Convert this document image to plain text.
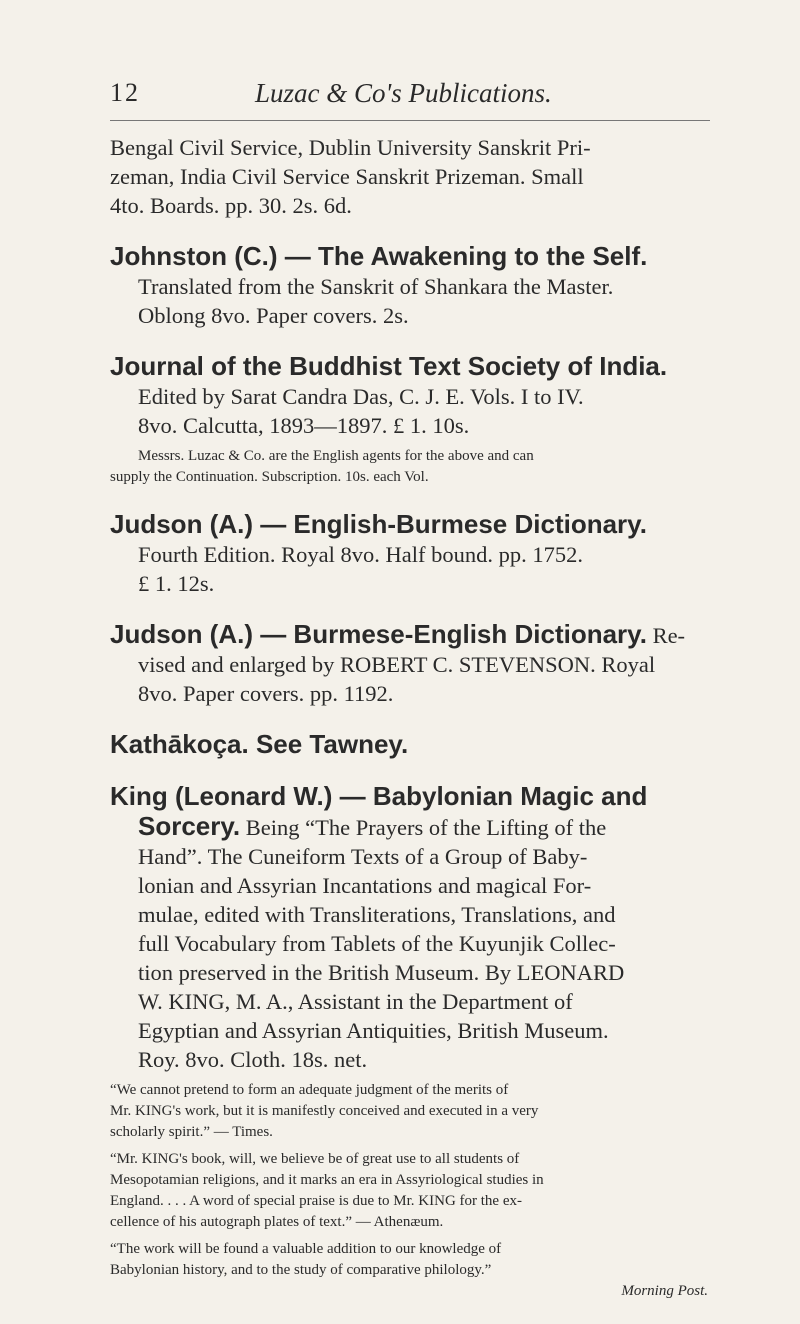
12	Luzac & Co's Publications.
Bengal Civil Service, Dublin University Sanskrit Pri-
zeman, India Civil Service Sanskrit Prizeman. Small
4to. Boards. pp. 30. 2s. 6d.
Johnston (C.) — The Awakening to the Self.
Translated from the Sanskrit of Shankara the Master.
Oblong 8vo. Paper covers. 2s.
Journal of the Buddhist Text Society of India.
Edited by Sarat Candra Das, C. J. E. Vols. I to IV.
8vo. Calcutta, 1893—1897. £ 1. 10s.

Messrs. Luzac & Co. are the English agents for the above and can

supply the Continuation. Subscription. 10s. each Vol.

Judson (A.) — English-Burmese Dictionary.
Fourth Edition. Royal 8vo. Half bound. pp. 1752.
£ 1. 12s.
Judson (A.) — Burmese-English Dictionary. Re-
vised and enlarged by ROBERT C. STEVENSON. Royal
8vo. Paper covers. pp. 1192.
Kathākoça. See Tawney.
King (Leonard W.) — Babylonian Magic and
Sorcery. Being “The Prayers of the Lifting of the
Hand”. The Cuneiform Texts of a Group of Baby-
lonian and Assyrian Incantations and magical For-
mulae, edited with Transliterations, Translations, and
full Vocabulary from Tablets of the Kuyunjik Collec-
tion preserved in the British Museum. By LEONARD
W. KING, M. A., Assistant in the Department of
Egyptian and Assyrian Antiquities, British Museum.
Roy. 8vo. Cloth. 18s. net.

“We cannot pretend to form an adequate judgment of the merits of

Mr. KING's work, but it is manifestly conceived and executed in a very

scholarly spirit.” — Times.

“Mr. KING's book, will, we believe be of great use to all students of

Mesopotamian religions, and it marks an era in Assyriological studies in

England. . . . A word of special praise is due to Mr. KING for the ex-

cellence of his autograph plates of text.” — Athenæum.

“The work will be found a valuable addition to our knowledge of

Babylonian history, and to the study of comparative philology.”

Morning Post.
